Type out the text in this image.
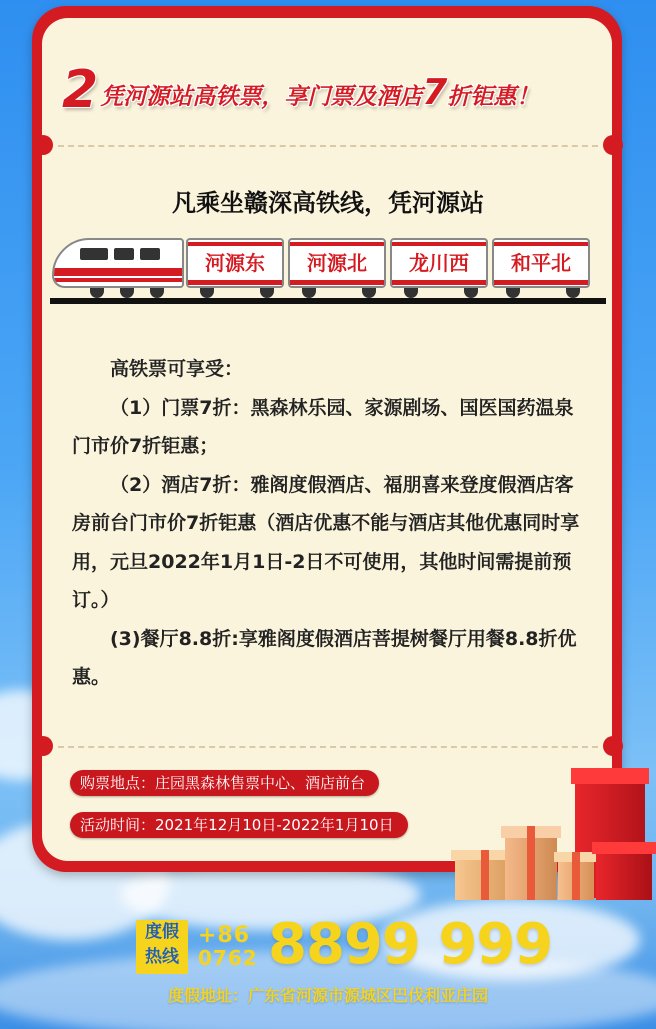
2 凭河源站高铁票，享门票及酒店7折钜惠！
凡乘坐赣深高铁线，凭河源站
河源东 河源北 龙川西 和平北

高铁票可享受：

（1）门票7折：黑森林乐园、家源剧场、国医国药温泉门市价7折钜惠；

（2）酒店7折：雅阁度假酒店、福朋喜来登度假酒店客房前台门市价7折钜惠（酒店优惠不能与酒店其他优惠同时享用，元旦2022年1月1日-2日不可使用，其他时间需提前预订。）

(3)餐厅8.8折:享雅阁度假酒店菩提树餐厅用餐8.8折优惠。

购票地点：庄园黑森林售票中心、酒店前台
活动时间：2021年12月10日-2022年1月10日
度假
热线
+86
0762 8899 999
度假地址：广东省河源市源城区巴伐利亚庄园
